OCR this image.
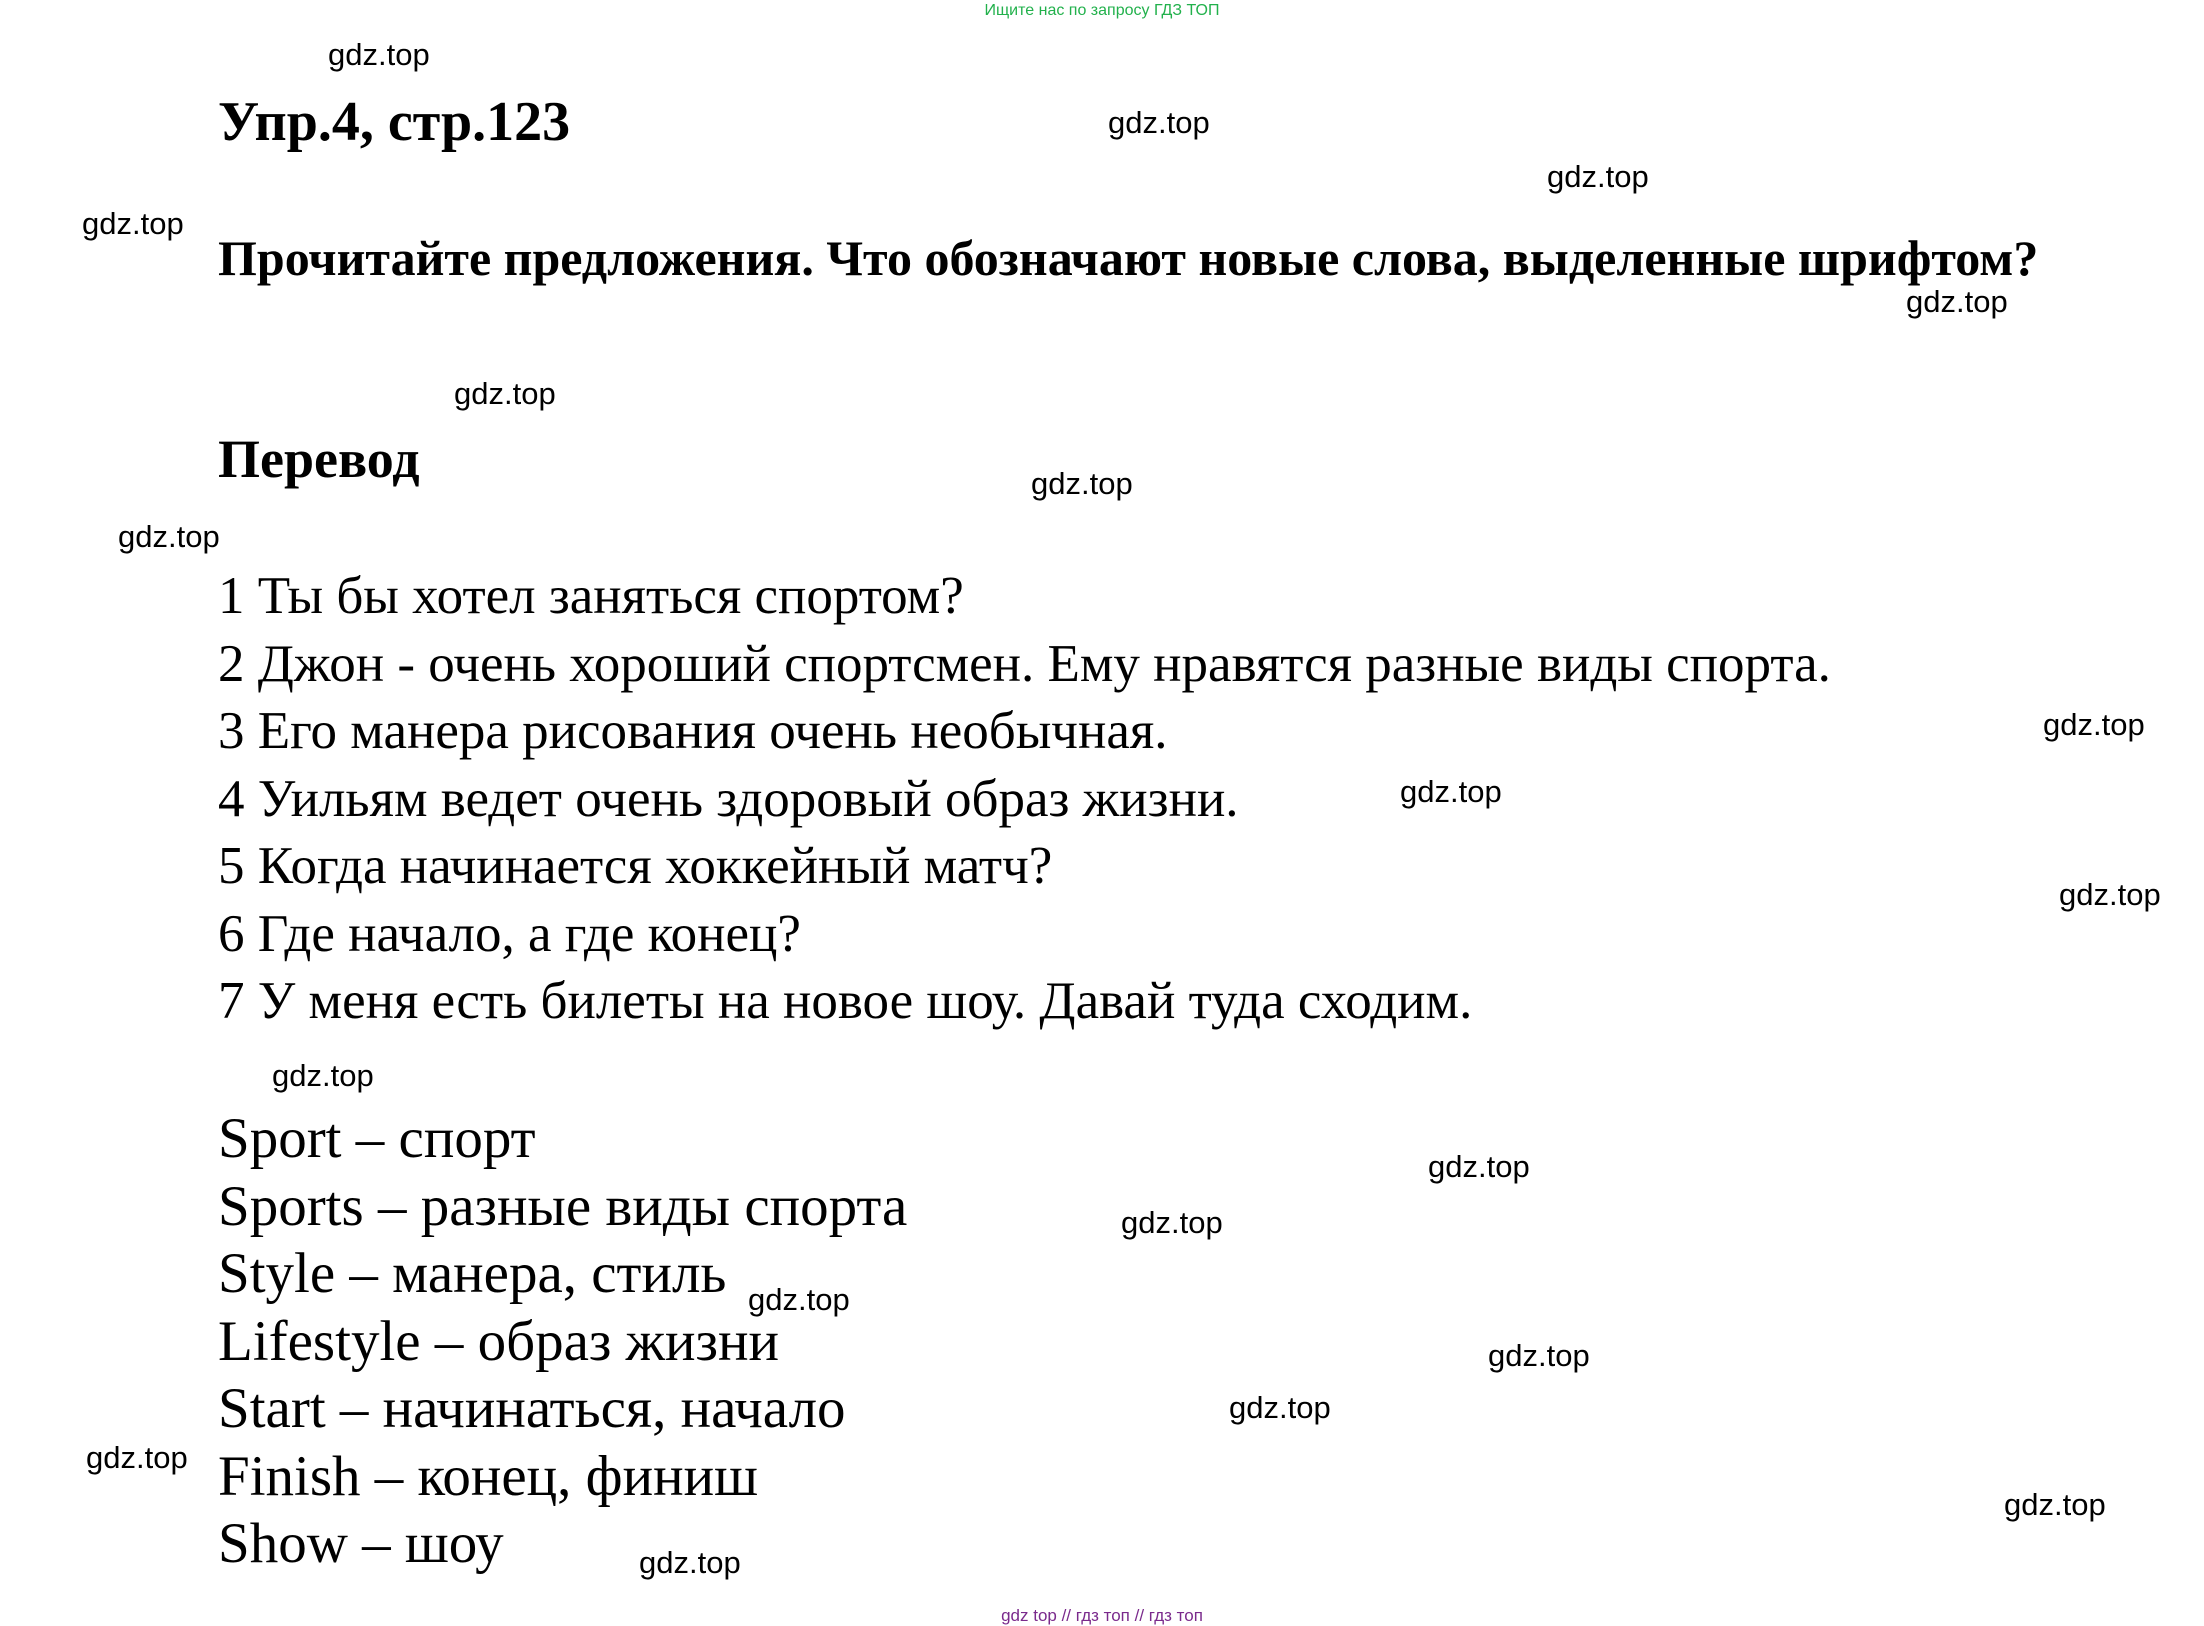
Ищите нас по запросу ГДЗ ТОП
Упр.4, стр.123
Прочитайте предложения. Что обозначают новые слова, выделенные шрифтом?
Перевод
1 Ты бы хотел заняться спортом?
2 Джон - очень хороший спортсмен. Ему нравятся разные виды спорта.
3 Его манера рисования очень необычная.
4 Уильям ведет очень здоровый образ жизни.
5 Когда начинается хоккейный матч?
6 Где начало, а где конец?
7 У меня есть билеты на новое шоу. Давай туда сходим.
Sport – спорт
Sports – разные виды спорта
Style – манера, стиль
Lifestyle – образ жизни
Start – начинаться, начало
Finish – конец, финиш
Show – шоу
gdz.top
gdz.top
gdz.top
gdz.top
gdz.top
gdz.top
gdz.top
gdz.top
gdz.top
gdz.top
gdz.top
gdz.top
gdz.top
gdz.top
gdz.top
gdz.top
gdz.top
gdz.top
gdz.top
gdz.top
gdz top // гдз топ // гдз топ
